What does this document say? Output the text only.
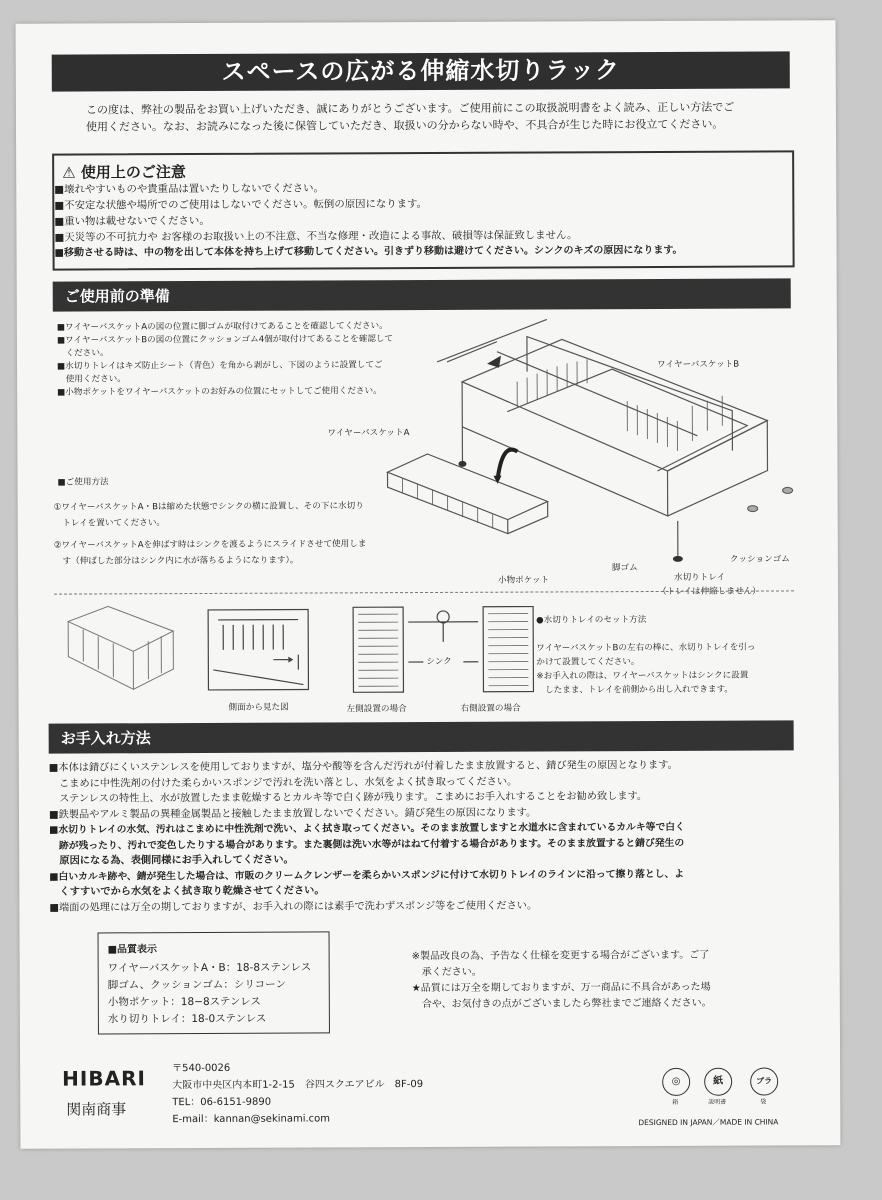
スペースの広がる伸縮水切りラック
この度は、弊社の製品をお買い上げいただき、誠にありがとうございます。ご使用前にこの取扱説明書をよく読み、正しい方法でご
使用ください。なお、お読みになった後に保管していただき、取扱いの分からない時や、不具合が生じた時にお役立てください。
⚠ 使用上のご注意
■壊れやすいものや貴重品は置いたりしないでください。
■不安定な状態や場所でのご使用はしないでください。転倒の原因になります。
■重い物は載せないでください。
■天災等の不可抗力や お客様のお取扱い上の不注意、不当な修理・改造による事故、破損等は保証致しません。
■移動させる時は、中の物を出して本体を持ち上げて移動してください。引きずり移動は避けてください。シンクのキズの原因になります。
ご使用前の準備
■ワイヤーバスケットAの図の位置に脚ゴムが取付けてあることを確認してください。
■ワイヤーバスケットBの図の位置にクッションゴム4個が取付けてあることを確認して
　ください。
■水切りトレイはキズ防止シート（青色）を角から剥がし、下図のように設置してご
　使用ください。
■小物ポケットをワイヤーバスケットのお好みの位置にセットしてご使用ください。
■ご使用方法
①ワイヤーバスケットA・Bは縮めた状態でシンクの横に設置し、その下に水切り
　トレイを置いてください。
②ワイヤーバスケットAを伸ばす時はシンクを渡るようにスライドさせて使用しま
　す（伸ばした部分はシンク内に水が落ちるようになります）。
ワイヤーバスケットB
ワイヤーバスケットA
小物ポケット
脚ゴム
水切りトレイ
（トレイは伸縮しません）
クッションゴム
側面から見た図
シンク
左側設置の場合	右側設置の場合
●水切りトレイのセット方法
ワイヤーバスケットBの左右の棒に、水切りトレイを引っ
かけて設置してください。
※お手入れの際は、ワイヤーバスケットはシンクに設置
　したまま、トレイを前側から出し入れできます。
お手入れ方法
■本体は錆びにくいステンレスを使用しておりますが、塩分や酸等を含んだ汚れが付着したまま放置すると、錆び発生の原因となります。
　こまめに中性洗剤の付けた柔らかいスポンジで汚れを洗い落とし、水気をよく拭き取ってください。
　ステンレスの特性上、水が放置したまま乾燥するとカルキ等で白く跡が残ります。こまめにお手入れすることをお勧め致します。
■鉄製品やアルミ製品の異種金属製品と接触したまま放置しないでください。錆び発生の原因になります。
■水切りトレイの水気、汚れはこまめに中性洗剤で洗い、よく拭き取ってください。そのまま放置しますと水道水に含まれているカルキ等で白く
　跡が残ったり、汚れで変色したりする場合があります。また裏側は洗い水等がはねて付着する場合があります。そのまま放置すると錆び発生の
　原因になる為、表側同様にお手入れしてください。
■白いカルキ跡や、錆が発生した場合は、市販のクリームクレンザーを柔らかいスポンジに付けて水切りトレイのラインに沿って擦り落とし、よ
　くすすいでから水気をよく拭き取り乾燥させてください。
■端面の処理には万全の期しておりますが、お手入れの際には素手で洗わずスポンジ等をご使用ください。
■品質表示
ワイヤーバスケットA・B：18-8ステンレス
脚ゴム、クッションゴム：シリコーン
小物ポケット：18−8ステンレス
水り切りトレイ：18-0ステンレス
※製品改良の為、予告なく仕様を変更する場合がございます。ご了
　承ください。
★品質には万全を期しておりますが、万一商品に不具合があった場
　合や、お気付きの点がございましたら弊社までご連絡ください。
HIBARI
関南商事
〒540-0026
大阪市中央区内本町1-2-15　谷四スクエアビル　8F-09
TEL：06-6151-9890
E-mail：kannan@sekinami.com
◎
箱
紙
説明書
プラ
袋
DESIGNED IN JAPAN／MADE IN CHINA
